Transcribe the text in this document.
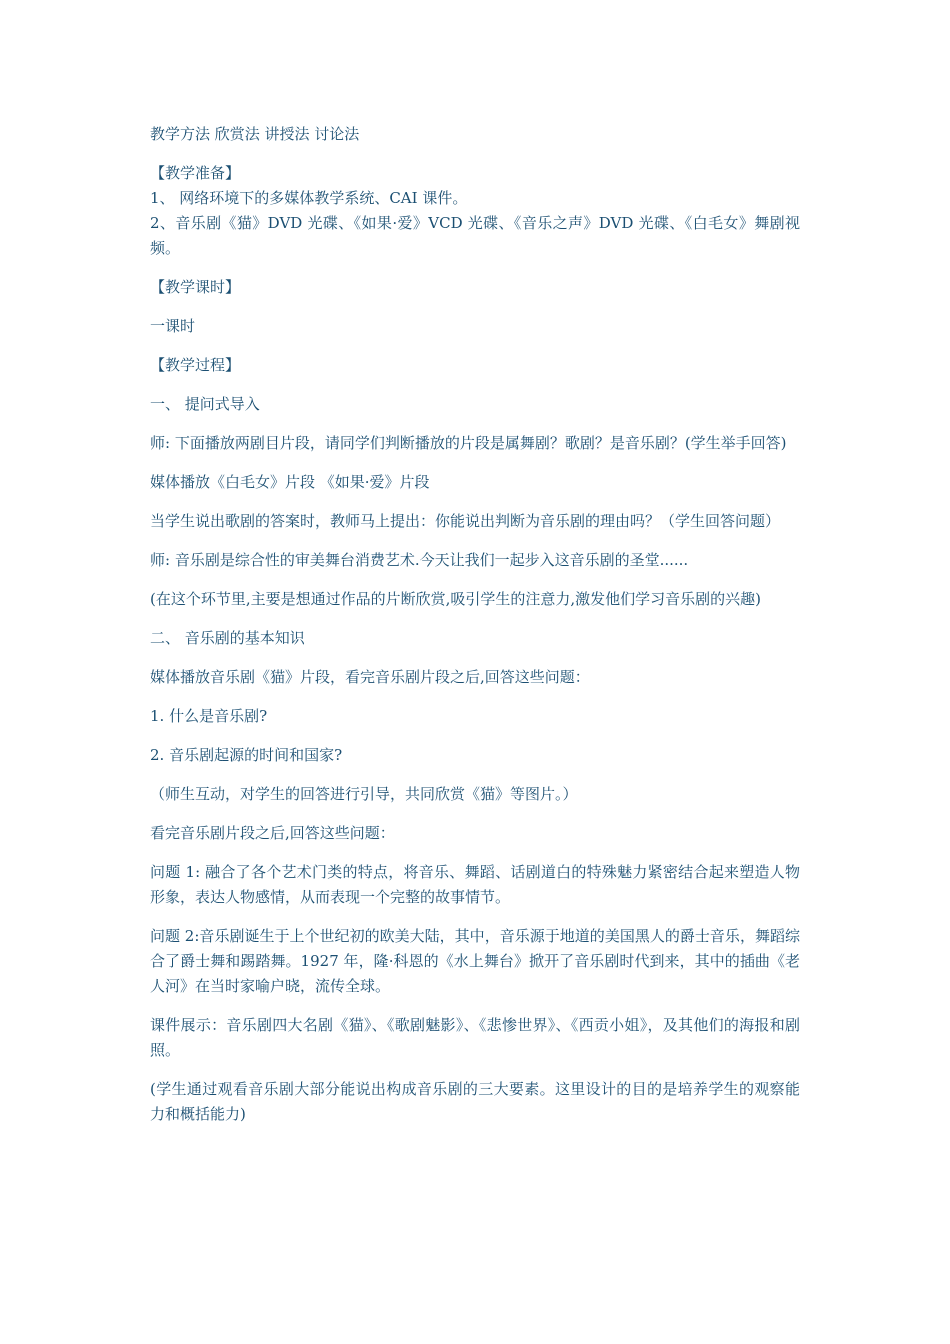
教学方法 欣赏法 讲授法 讨论法

【教学准备】

1、 网络环境下的多媒体教学系统、CAI 课件。

2、音乐剧《猫》DVD 光碟、《如果·爱》VCD 光碟、《音乐之声》DVD 光碟、《白毛女》舞剧视频。

【教学课时】

一课时

【教学过程】

一、 提问式导入

师: 下面播放两剧目片段，请同学们判断播放的片段是属舞剧？歌剧？是音乐剧？(学生举手回答)

媒体播放《白毛女》片段 《如果·爱》片段

当学生说出歌剧的答案时，教师马上提出：你能说出判断为音乐剧的理由吗？（学生回答问题）

师: 音乐剧是综合性的审美舞台消费艺术.今天让我们一起步入这音乐剧的圣堂......

(在这个环节里,主要是想通过作品的片断欣赏,吸引学生的注意力,激发他们学习音乐剧的兴趣)

二、 音乐剧的基本知识

媒体播放音乐剧《猫》片段，看完音乐剧片段之后,回答这些问题：

1. 什么是音乐剧?

2. 音乐剧起源的时间和国家?

（师生互动，对学生的回答进行引导，共同欣赏《猫》等图片。）

看完音乐剧片段之后,回答这些问题：

问题 1: 融合了各个艺术门类的特点，将音乐、舞蹈、话剧道白的特殊魅力紧密结合起来塑造人物形象，表达人物感情，从而表现一个完整的故事情节。

问题 2:音乐剧诞生于上个世纪初的欧美大陆，其中，音乐源于地道的美国黑人的爵士音乐，舞蹈综合了爵士舞和踢踏舞。1927 年，隆·科恩的《水上舞台》掀开了音乐剧时代到来，其中的插曲《老人河》在当时家喻户晓，流传全球。

课件展示：音乐剧四大名剧《猫》、《歌剧魅影》、《悲惨世界》、《西贡小姐》，及其他们的海报和剧照。

(学生通过观看音乐剧大部分能说出构成音乐剧的三大要素。这里设计的目的是培养学生的观察能力和概括能力)
